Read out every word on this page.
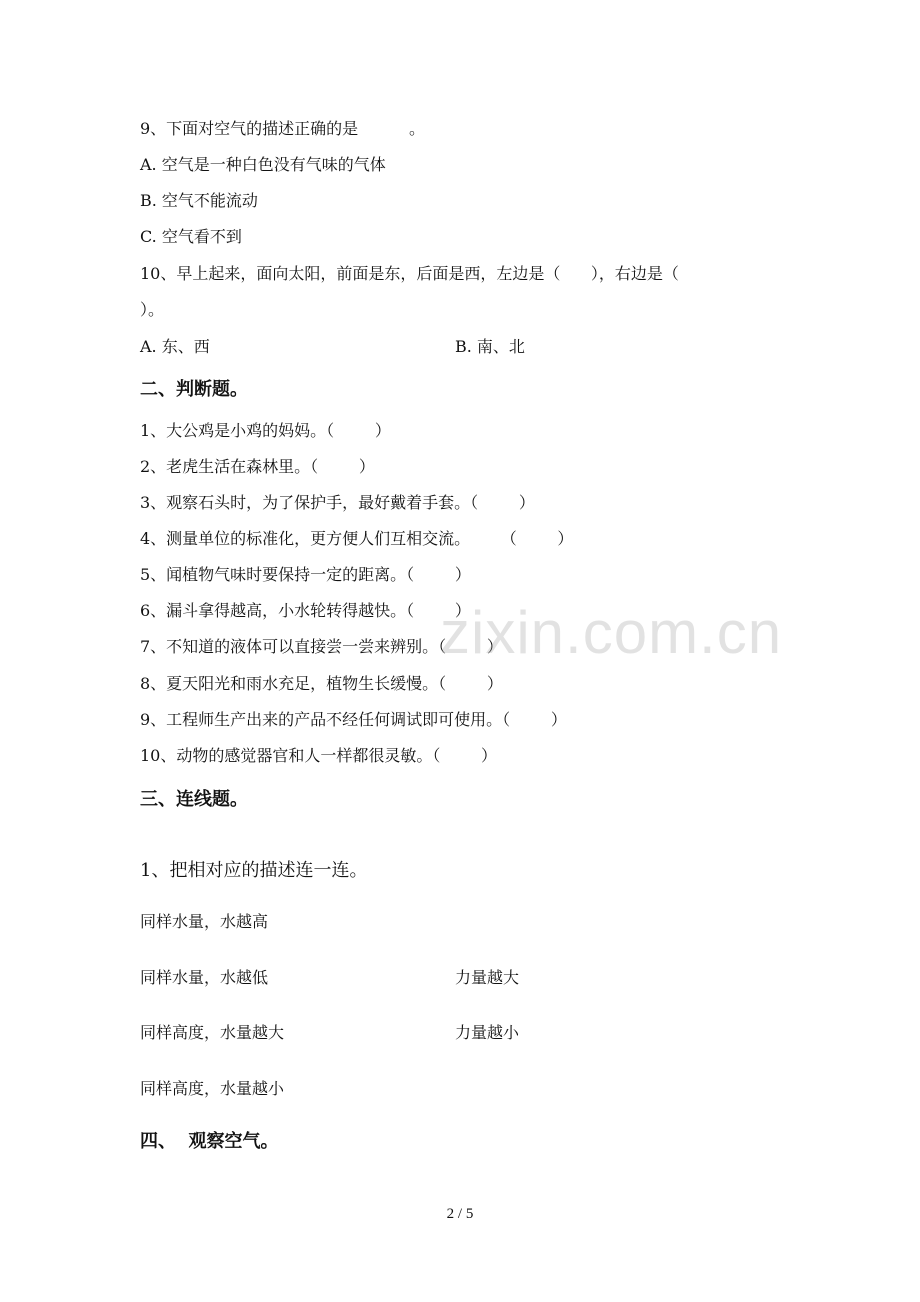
9、下面对空气的描述正确的是          。
A. 空气是一种白色没有气味的气体
B. 空气不能流动
C. 空气看不到
10、早上起来，面向太阳，前面是东，后面是西，左边是（      ），右边是（
）。
A. 东、西	B. 南、北
二、判断题。
1、大公鸡是小鸡的妈妈。（        ）
2、老虎生活在森林里。（        ）
3、观察石头时，为了保护手，最好戴着手套。（        ）
4、测量单位的标准化，更方便人们互相交流。      （        ）
5、闻植物气味时要保持一定的距离。（        ）
6、漏斗拿得越高，小水轮转得越快。（        ）
7、不知道的液体可以直接尝一尝来辨别。（        ）
8、夏天阳光和雨水充足，植物生长缓慢。（        ）
9、工程师生产出来的产品不经任何调试即可使用。（        ）
10、动物的感觉器官和人一样都很灵敏。（        ）
三、连线题。
1、把相对应的描述连一连。
同样水量，水越高
同样水量，水越低	力量越大
同样高度，水量越大	力量越小
同样高度，水量越小
四、  观察空气。
zixin.com.cn
2 / 5
